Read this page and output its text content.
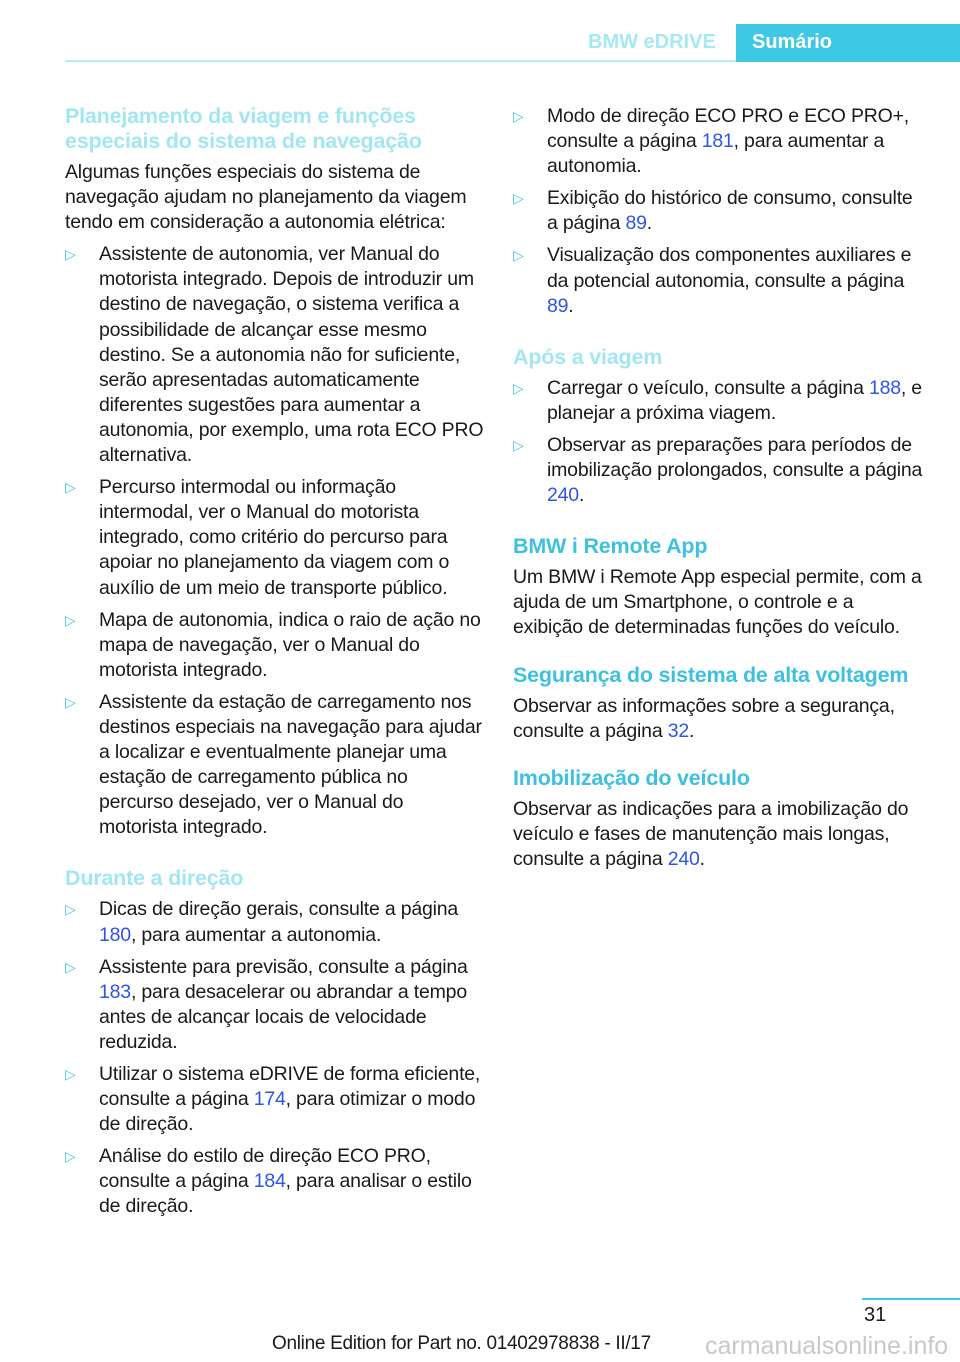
BMW eDRIVE	Sumário
Planejamento da viagem e funções especiais do sistema de navegação

Algumas funções especiais do sistema de navegação ajudam no planejamento da viagem tendo em consideração a autonomia elétrica:

▷ Assistente de autonomia, ver Manual do motorista integrado. Depois de introduzir um destino de navegação, o sistema verifica a possibilidade de alcançar esse mesmo destino. Se a autonomia não for suficiente, serão apresentadas automaticamente diferentes sugestões para aumentar a autonomia, por exemplo, uma rota ECO PRO alternativa.
▷ Percurso intermodal ou informação intermodal, ver o Manual do motorista integrado, como critério do percurso para apoiar no planejamento da viagem com o auxílio de um meio de transporte público.
▷ Mapa de autonomia, indica o raio de ação no mapa de navegação, ver o Manual do motorista integrado.
▷ Assistente da estação de carregamento nos destinos especiais na navegação para ajudar a localizar e eventualmente planejar uma estação de carregamento pública no percurso desejado, ver o Manual do motorista integrado.
Durante a direção
▷ Dicas de direção gerais, consulte a página 180, para aumentar a autonomia.
▷ Assistente para previsão, consulte a página 183, para desacelerar ou abrandar a tempo antes de alcançar locais de velocidade reduzida.
▷ Utilizar o sistema eDRIVE de forma eficiente, consulte a página 174, para otimizar o modo de direção.
▷ Análise do estilo de direção ECO PRO, consulte a página 184, para analisar o estilo de direção.
▷ Modo de direção ECO PRO e ECO PRO+, consulte a página 181, para aumentar a autonomia.
▷ Exibição do histórico de consumo, consulte a página 89.
▷ Visualização dos componentes auxiliares e da potencial autonomia, consulte a página 89.
Após a viagem
▷ Carregar o veículo, consulte a página 188, e planejar a próxima viagem.
▷ Observar as preparações para períodos de imobilização prolongados, consulte a página 240.
BMW i Remote App

Um BMW i Remote App especial permite, com a ajuda de um Smartphone, o controle e a exibição de determinadas funções do veículo.

Segurança do sistema de alta voltagem

Observar as informações sobre a segurança, consulte a página 32.

Imobilização do veículo

Observar as indicações para a imobilização do veículo e fases de manutenção mais longas, consulte a página 240.

31
Online Edition for Part no. 01402978838 - II/17 carmanualsonline.info
